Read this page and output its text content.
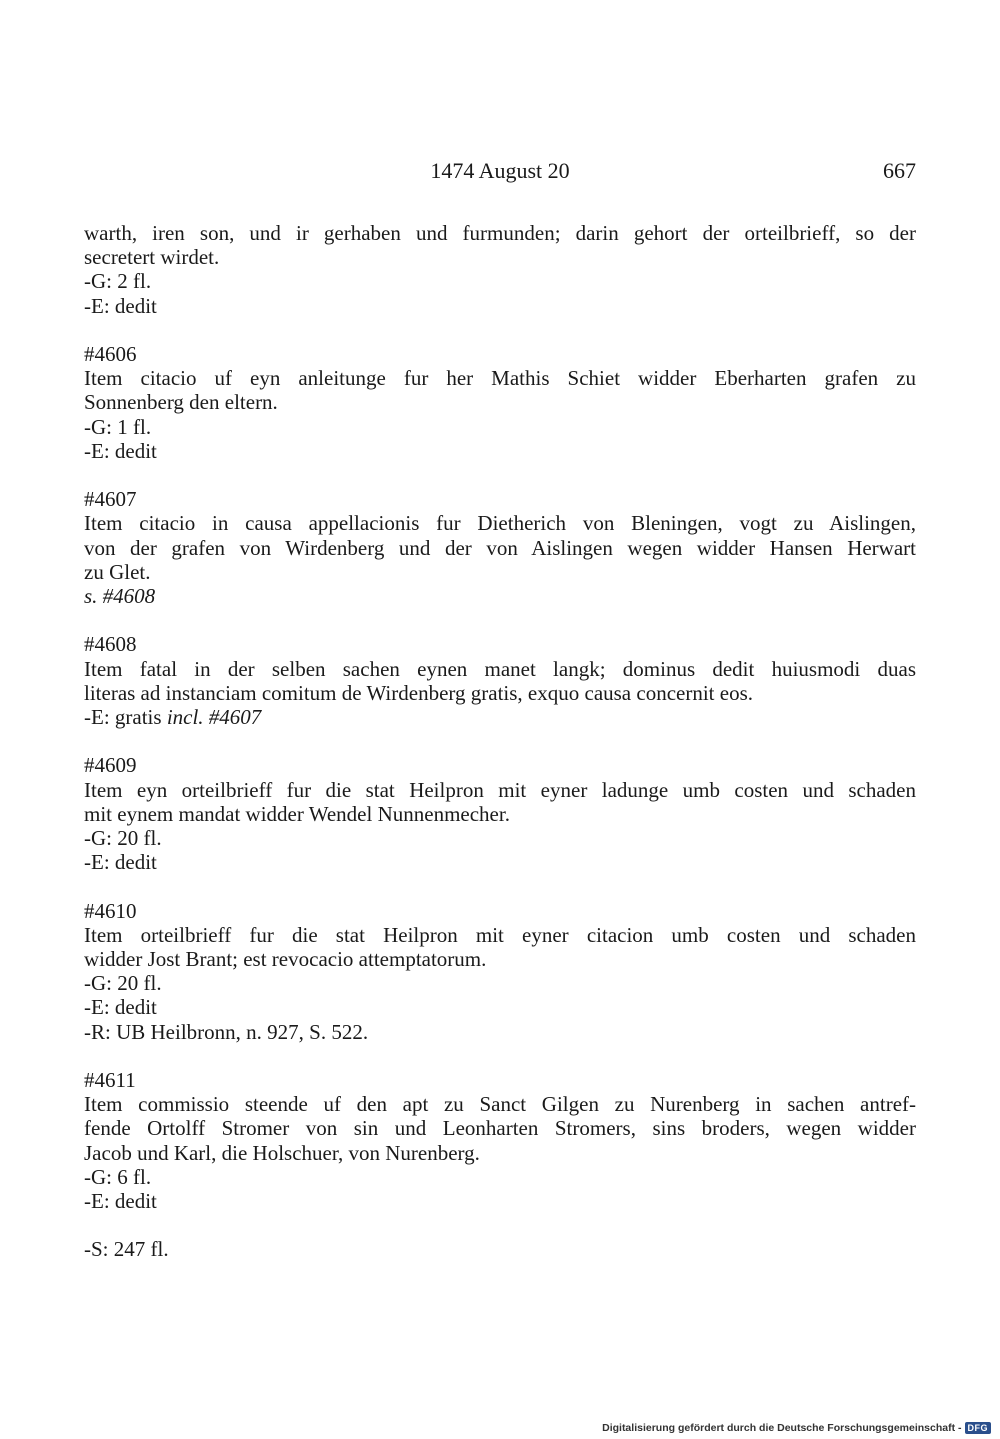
1474 August 20	667
warth, iren son, und ir gerhaben und furmunden; darin gehort der orteilbrieff, so der
secretert wirdet.
-G: 2 fl.
-E: dedit
#4606
Item citacio uf eyn anleitunge fur her Mathis Schiet widder Eberharten grafen zu
Sonnenberg den eltern.
-G: 1 fl.
-E: dedit
#4607
Item citacio in causa appellacionis fur Dietherich von Bleningen, vogt zu Aislingen,
von der grafen von Wirdenberg und der von Aislingen wegen widder Hansen Herwart
zu Glet.
s. #4608
#4608
Item fatal in der selben sachen eynen manet langk; dominus dedit huiusmodi duas
literas ad instanciam comitum de Wirdenberg gratis, exquo causa concernit eos.
-E: gratis incl. #4607
#4609
Item eyn orteilbrieff fur die stat Heilpron mit eyner ladunge umb costen und schaden
mit eynem mandat widder Wendel Nunnenmecher.
-G: 20 fl.
-E: dedit
#4610
Item orteilbrieff fur die stat Heilpron mit eyner citacion umb costen und schaden
widder Jost Brant; est revocacio attemptatorum.
-G: 20 fl.
-E: dedit
-R: UB Heilbronn, n. 927, S. 522.
#4611
Item commissio steende uf den apt zu Sanct Gilgen zu Nurenberg in sachen antref-
fende Ortolff Stromer von sin und Leonharten Stromers, sins broders, wegen widder
Jacob und Karl, die Holschuer, von Nurenberg.
-G: 6 fl.
-E: dedit
-S: 247 fl.
Digitalisierung gefördert durch die Deutsche Forschungsgemeinschaft - DFG
